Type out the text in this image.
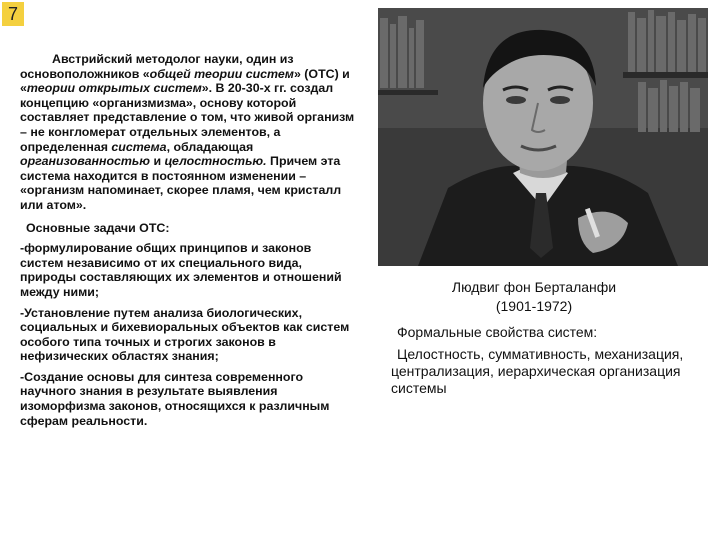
7

Австрийский методолог науки, один из основоположников «общей теории систем» (ОТС) и «теории открытых систем». В 20-30-х гг. создал концепцию «организмизма», основу которой составляет представление о том, что живой организм – не конгломерат отдельных элементов, а определенная система, обладающая организованностью и целостностью. Причем эта система находится в постоянном изменении – «организм напоминает, скорее пламя, чем кристалл или атом».

Основные задачи ОТС:

-формулирование общих принципов и законов систем независимо от их специального вида, природы составляющих их элементов и отношений между ними;

-Установление путем анализа биологических, социальных и бихевиоральных объектов как систем особого типа точных и строгих законов в нефизических областях знания;

-Создание основы для синтеза современного научного знания в результате выявления изоморфизма законов, относящихся к различным сферам реальности.

Людвиг фон Берталанфи
(1901-1972)

Формальные свойства систем:

Целостность, суммативность, механизация, централизация, иерархическая организация системы
